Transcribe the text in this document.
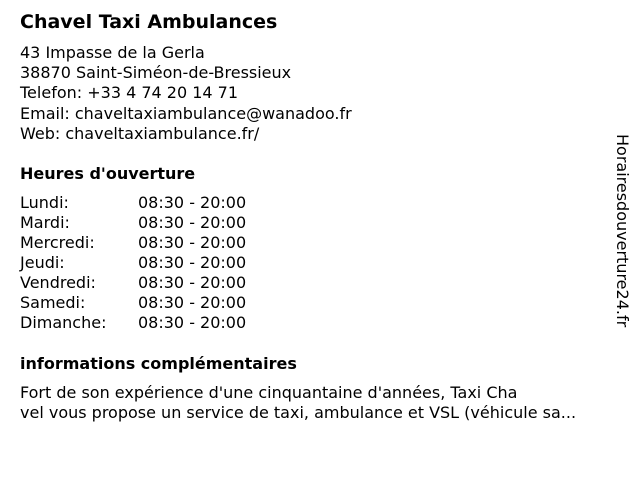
Chavel Taxi Ambulances
43 Impasse de la Gerla
38870 Saint-Siméon-de-Bressieux
Telefon: +33 4 74 20 14 71
Email: chaveltaxiambulance@wanadoo.fr
Web: chaveltaxiambulance.fr/
Heures d'ouverture
Lundi:	08:30 - 20:00
Mardi:	08:30 - 20:00
Mercredi:	08:30 - 20:00
Jeudi:	08:30 - 20:00
Vendredi:	08:30 - 20:00
Samedi:	08:30 - 20:00
Dimanche:	08:30 - 20:00
informations complémentaires
Fort de son expérience d'une cinquantaine d'années, Taxi Cha
vel vous propose un service de taxi, ambulance et VSL (véhicule sa...
Horairesdouverture24.fr
